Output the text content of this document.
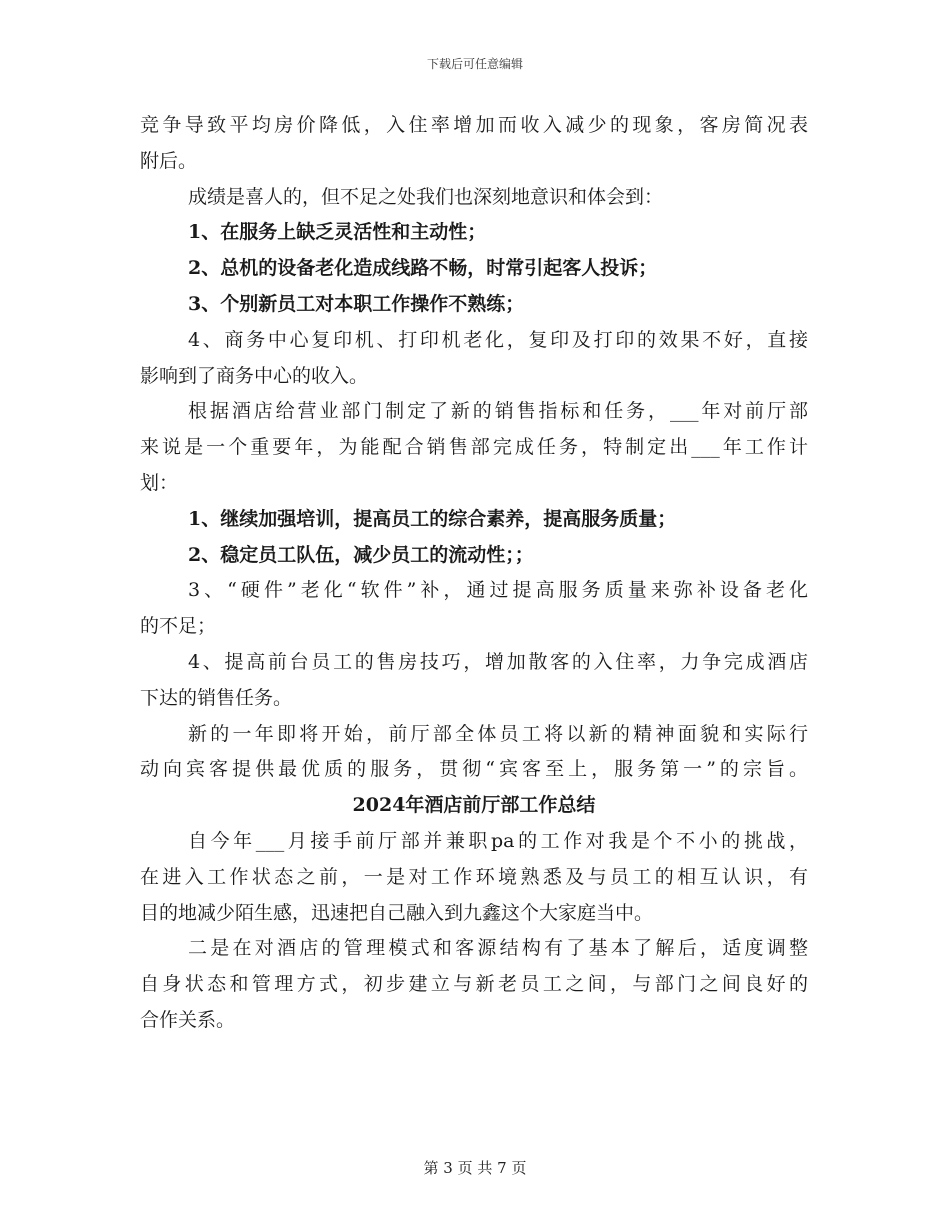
下载后可任意编辑
竞争导致平均房价降低，入住率增加而收入减少的现象，客房简况表
附后。
成绩是喜人的，但不足之处我们也深刻地意识和体会到：
1、在服务上缺乏灵活性和主动性；
2、总机的设备老化造成线路不畅，时常引起客人投诉；
3、个别新员工对本职工作操作不熟练；
4、商务中心复印机、打印机老化，复印及打印的效果不好，直接
影响到了商务中心的收入。
根据酒店给营业部门制定了新的销售指标和任务，___年对前厅部
来说是一个重要年，为能配合销售部完成任务，特制定出___年工作计
划：
1、继续加强培训，提高员工的综合素养，提高服务质量；
2、稳定员工队伍，减少员工的流动性；；
3、“硬件”老化“软件”补，通过提高服务质量来弥补设备老化
的不足；
4、提高前台员工的售房技巧，增加散客的入住率，力争完成酒店
下达的销售任务。
新的一年即将开始，前厅部全体员工将以新的精神面貌和实际行
动向宾客提供最优质的服务，贯彻“宾客至上，服务第一”的宗旨。
2024年酒店前厅部工作总结
自今年___月接手前厅部并兼职pa的工作对我是个不小的挑战，
在进入工作状态之前，一是对工作环境熟悉及与员工的相互认识，有
目的地减少陌生感，迅速把自己融入到九鑫这个大家庭当中。
二是在对酒店的管理模式和客源结构有了基本了解后，适度调整
自身状态和管理方式，初步建立与新老员工之间，与部门之间良好的
合作关系。
第 3 页 共 7 页
